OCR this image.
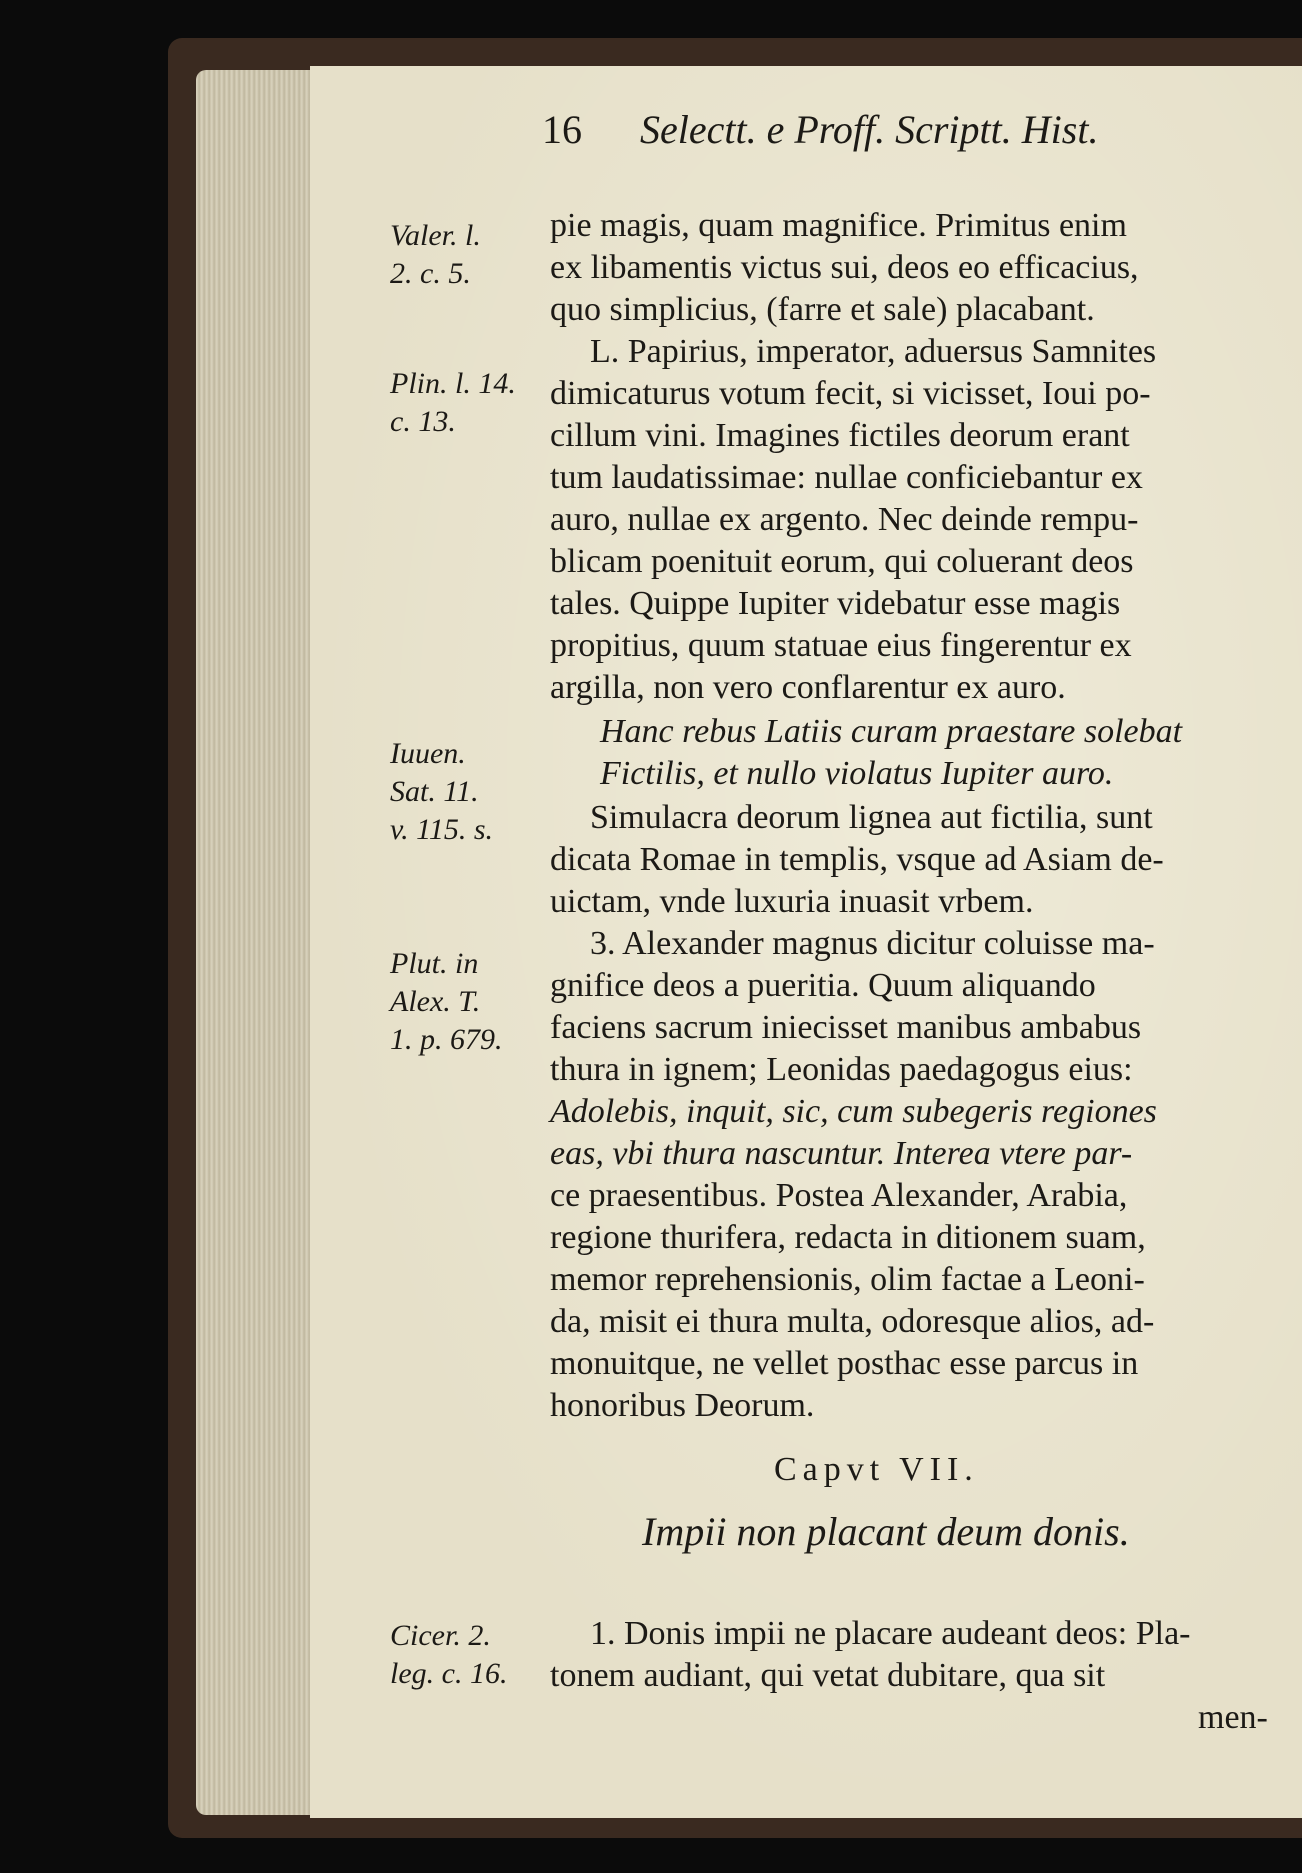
16 Selectt. e Proff. Scriptt. Hist.
Valer. l.
2. c. 5.
Plin. l. 14.
c. 13.
Iuuen.
Sat. 11.
v. 115. s.
Plut. in
Alex. T.
1. p. 679.
Cicer. 2.
leg. c. 16.
pie magis, quam magnifice. Primitus enim
ex libamentis victus sui, deos eo efficacius,
quo simplicius, (farre et sale) placabant.
L. Papirius, imperator, aduersus Samnites
dimicaturus votum fecit, si vicisset, Ioui po-
cillum vini. Imagines fictiles deorum erant
tum laudatissimae: nullae conficiebantur ex
auro, nullae ex argento. Nec deinde rempu-
blicam poenituit eorum, qui coluerant deos
tales. Quippe Iupiter videbatur esse magis
propitius, quum statuae eius fingerentur ex
argilla, non vero conflarentur ex auro.
Hanc rebus Latiis curam praestare solebat
Fictilis, et nullo violatus Iupiter auro.
Simulacra deorum lignea aut fictilia, sunt
dicata Romae in templis, vsque ad Asiam de-
uictam, vnde luxuria inuasit vrbem.
3. Alexander magnus dicitur coluisse ma-
gnifice deos a pueritia. Quum aliquando
faciens sacrum iniecisset manibus ambabus
thura in ignem; Leonidas paedagogus eius:
Adolebis, inquit, sic, cum subegeris regiones
eas, vbi thura nascuntur. Interea vtere par-
ce praesentibus. Postea Alexander, Arabia,
regione thurifera, redacta in ditionem suam,
memor reprehensionis, olim factae a Leoni-
da, misit ei thura multa, odoresque alios, ad-
monuitque, ne vellet posthac esse parcus in
honoribus Deorum.
Capvt VII.
Impii non placant deum donis.
1. Donis impii ne placare audeant deos: Pla-
tonem audiant, qui vetat dubitare, qua sit
men-
